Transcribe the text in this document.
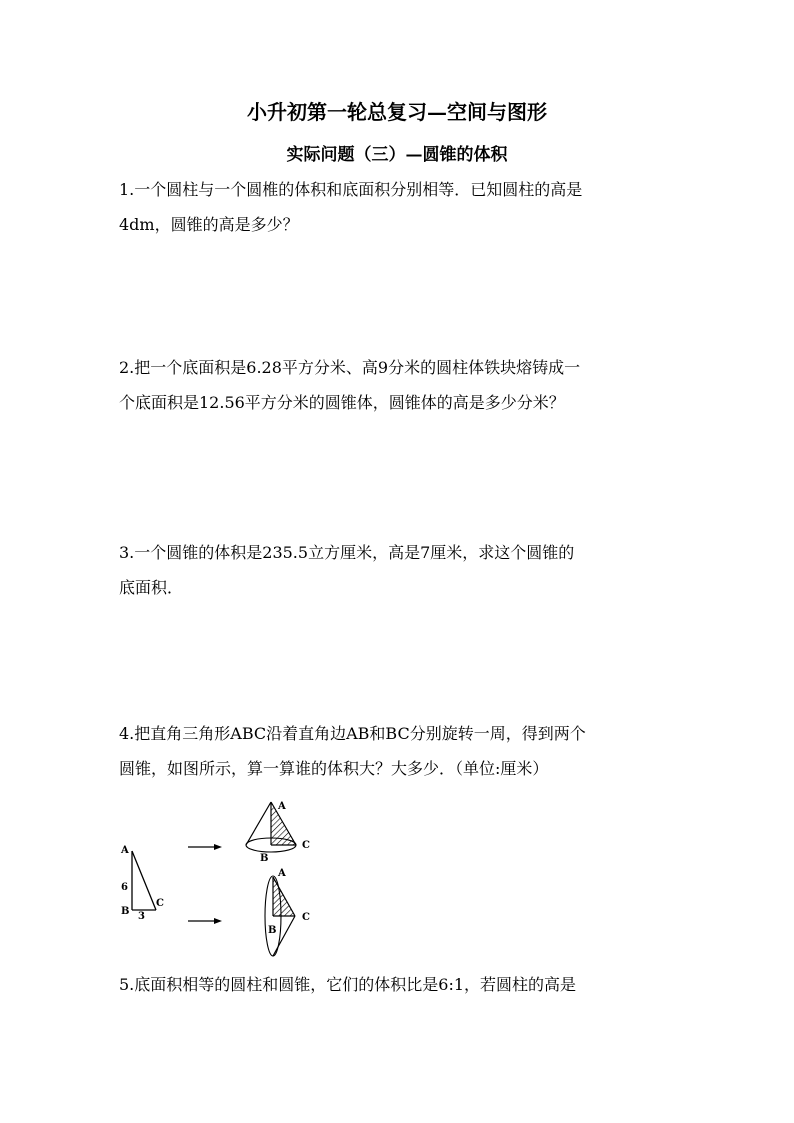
小升初第一轮总复习—空间与图形
实际问题（三）—圆锥的体积
1.一个圆柱与一个圆椎的体积和底面积分别相等．已知圆柱的高是
4dm，圆锥的高是多少？
2.把一个底面积是6.28平方分米、高9分米的圆柱体铁块熔铸成一
个底面积是12.56平方分米的圆锥体，圆锥体的高是多少分米？
3.一个圆锥的体积是235.5立方厘米，高是7厘米，求这个圆锥的
底面积．
4.把直角三角形ABC沿着直角边AB和BC分别旋转一周，得到两个
圆锥，如图所示，算一算谁的体积大？大多少．（单位:厘米）
A
B
C
6
3
A
B
C
A
B
C
5.底面积相等的圆柱和圆锥，它们的体积比是6:1，若圆柱的高是
